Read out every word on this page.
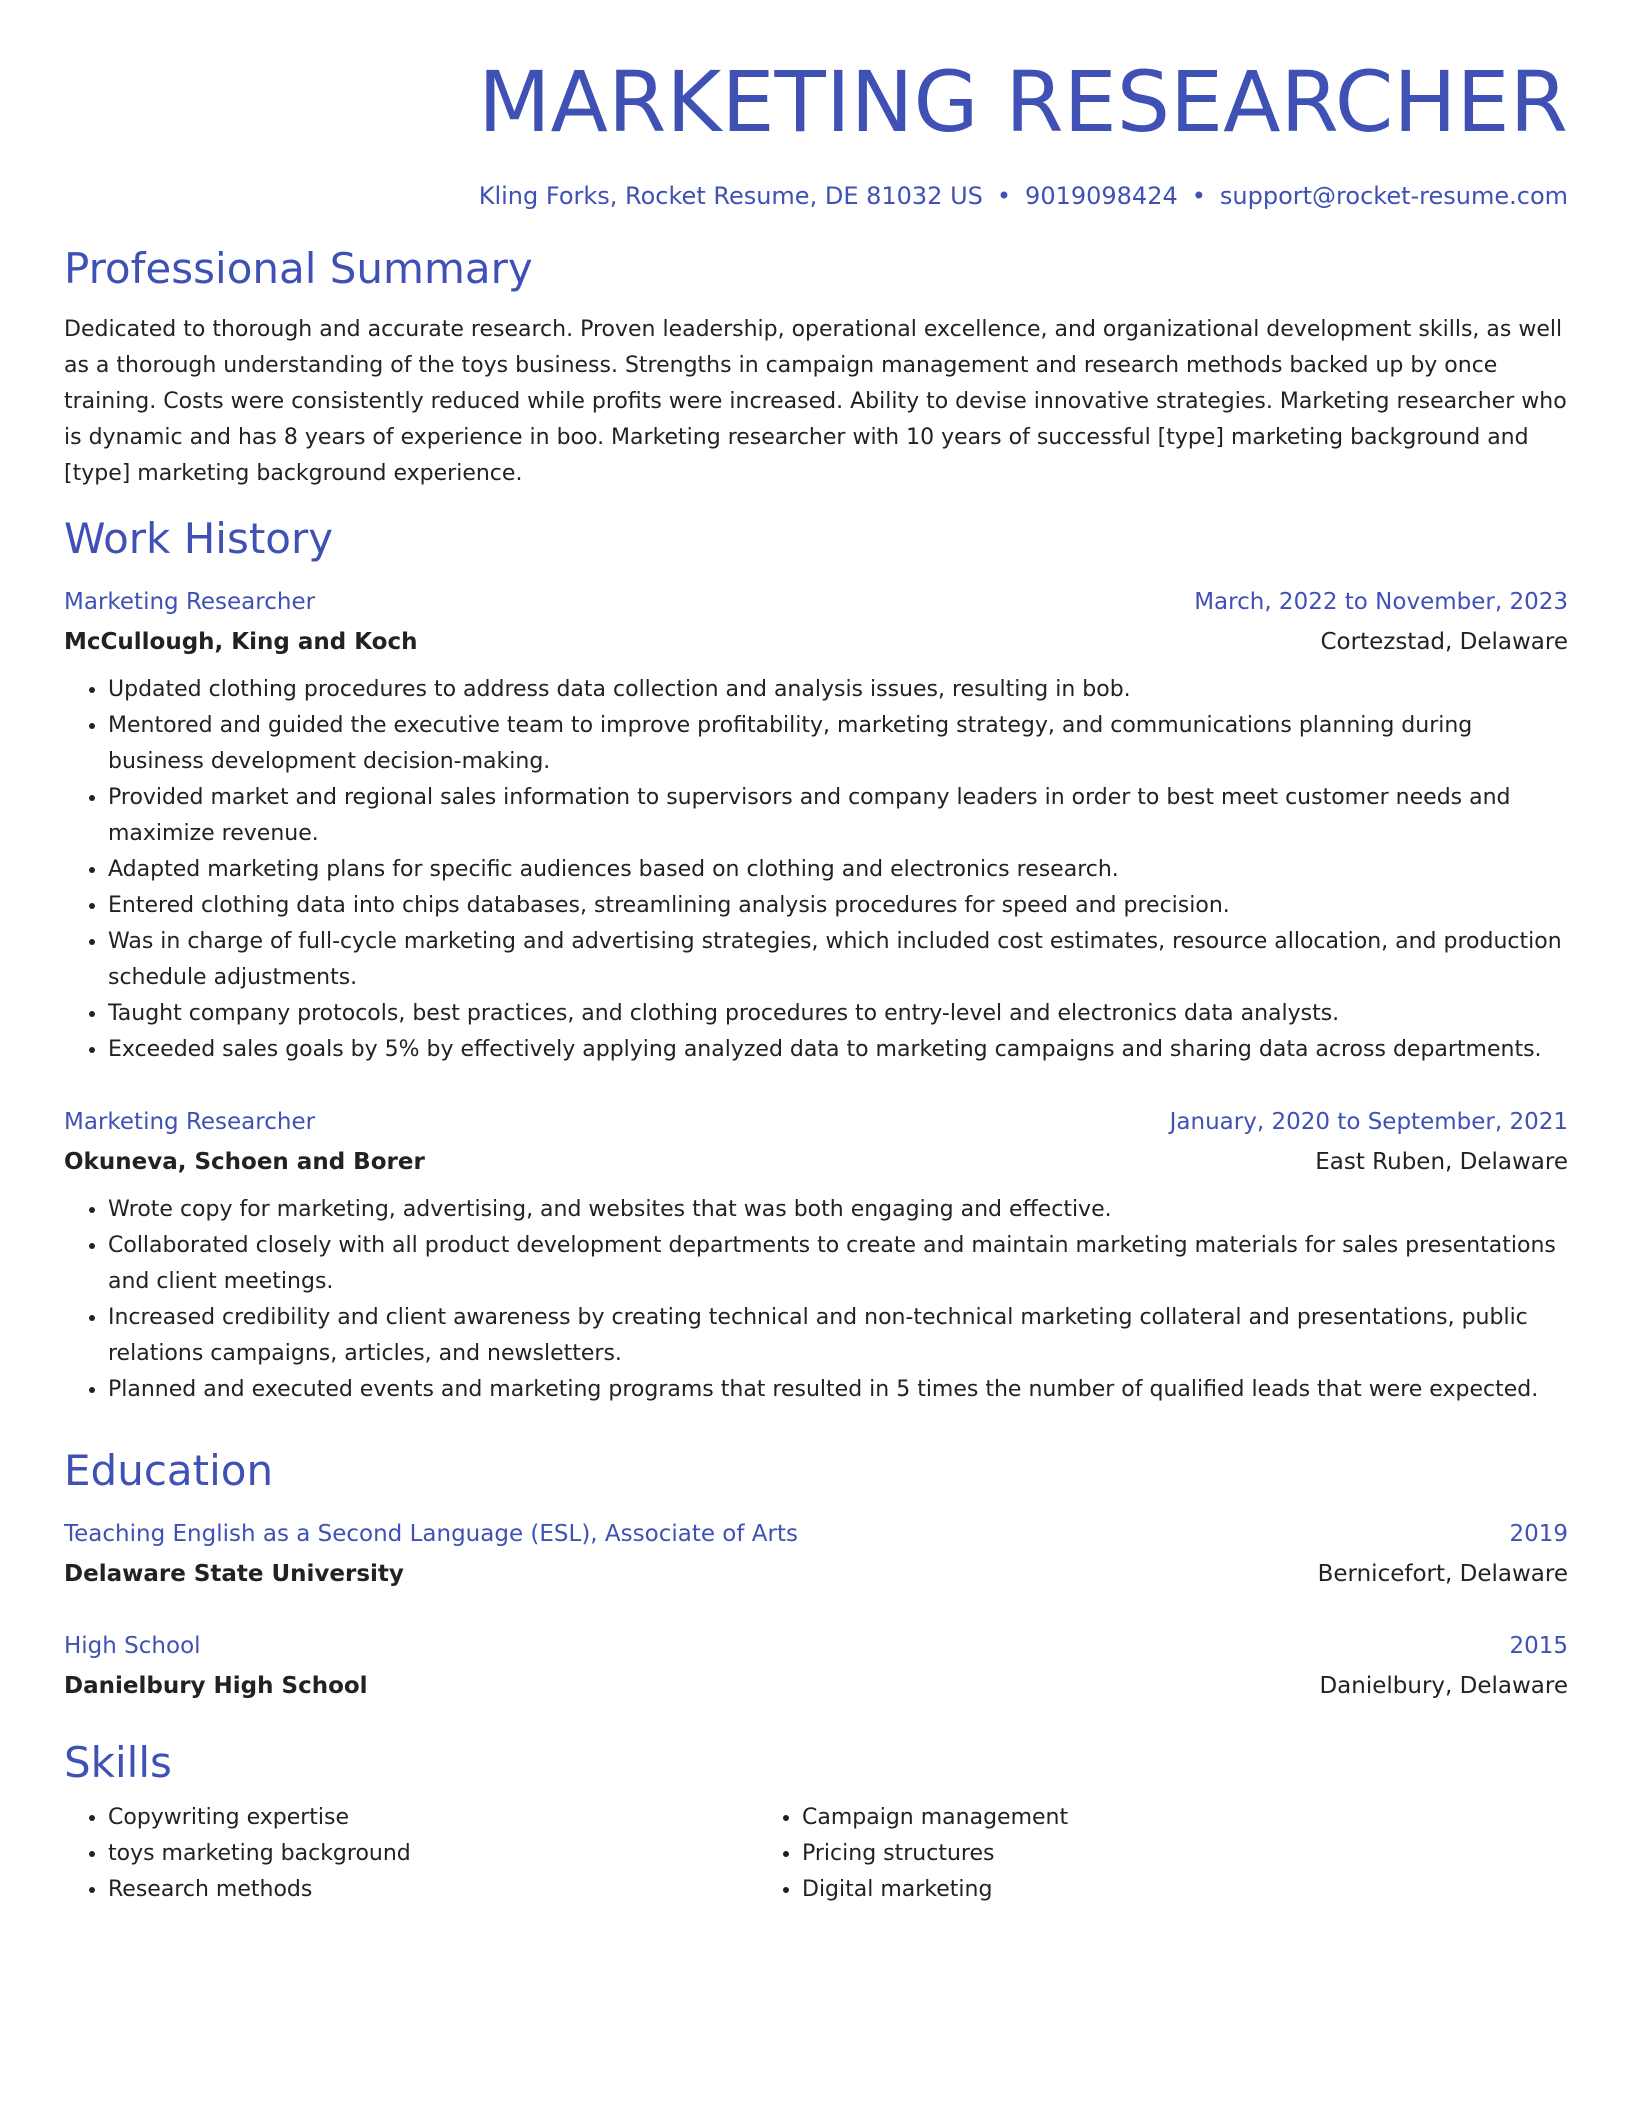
MARKETING RESEARCHER
Kling Forks, Rocket Resume, DE 81032 US • 9019098424 • support@rocket-resume.com
Professional Summary
Dedicated to thorough and accurate research. Proven leadership, operational excellence, and organizational development skills, as well as a thorough understanding of the toys business. Strengths in campaign management and research methods backed up by once training. Costs were consistently reduced while profits were increased. Ability to devise innovative strategies. Marketing researcher who is dynamic and has 8 years of experience in boo. Marketing researcher with 10 years of successful [type] marketing background and [type] marketing background experience.
Work History
Marketing Researcher	March, 2022 to November, 2023
McCullough, King and Koch	Cortezstad, Delaware
• Updated clothing procedures to address data collection and analysis issues, resulting in bob.
• Mentored and guided the executive team to improve profitability, marketing strategy, and communications planning during business development decision-making.
• Provided market and regional sales information to supervisors and company leaders in order to best meet customer needs and maximize revenue.
• Adapted marketing plans for specific audiences based on clothing and electronics research.
• Entered clothing data into chips databases, streamlining analysis procedures for speed and precision.
• Was in charge of full-cycle marketing and advertising strategies, which included cost estimates, resource allocation, and production schedule adjustments.
• Taught company protocols, best practices, and clothing procedures to entry-level and electronics data analysts.
• Exceeded sales goals by 5% by effectively applying analyzed data to marketing campaigns and sharing data across departments.
Marketing Researcher	January, 2020 to September, 2021
Okuneva, Schoen and Borer	East Ruben, Delaware
• Wrote copy for marketing, advertising, and websites that was both engaging and effective.
• Collaborated closely with all product development departments to create and maintain marketing materials for sales presentations and client meetings.
• Increased credibility and client awareness by creating technical and non-technical marketing collateral and presentations, public relations campaigns, articles, and newsletters.
• Planned and executed events and marketing programs that resulted in 5 times the number of qualified leads that were expected.
Education
Teaching English as a Second Language (ESL), Associate of Arts	2019
Delaware State University	Bernicefort, Delaware
High School	2015
Danielbury High School	Danielbury, Delaware
Skills
• Copywriting expertise
• toys marketing background
• Research methods
• Campaign management
• Pricing structures
• Digital marketing
